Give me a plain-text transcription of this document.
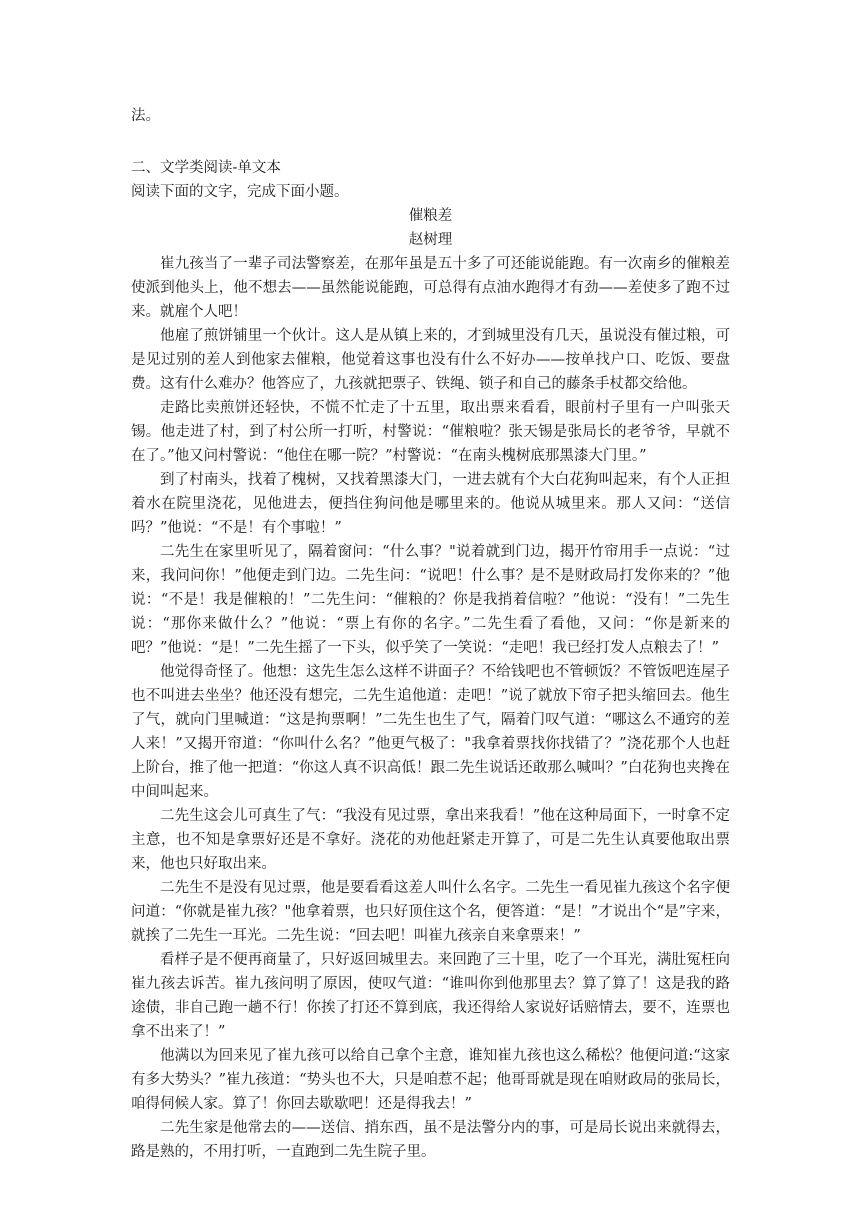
法。

二、文学类阅读-单文本

阅读下面的文字，完成下面小题。

催粮差

赵树理

崔九孩当了一辈子司法警察差，在那年虽是五十多了可还能说能跑。有一次南乡的催粮差使派到他头上，他不想去——虽然能说能跑，可总得有点油水跑得才有劲——差使多了跑不过来。就雇个人吧！

他雇了煎饼铺里一个伙计。这人是从镇上来的，才到城里没有几天，虽说没有催过粮，可是见过别的差人到他家去催粮，他觉着这事也没有什么不好办——按单找户口、吃饭、要盘费。这有什么难办？他答应了，九孩就把票子、铁绳、锁子和自己的藤条手杖都交给他。

走路比卖煎饼还轻快，不慌不忙走了十五里，取出票来看看，眼前村子里有一户叫张天锡。他走进了村，到了村公所一打听，村警说：“催粮啦？张天锡是张局长的老爷爷，早就不在了。”他又问村警说：“他住在哪一院？”村警说：“在南头槐树底那黑漆大门里。”

到了村南头，找着了槐树，又找着黑漆大门，一进去就有个大白花狗叫起来，有个人正担着水在院里浇花，见他进去，便挡住狗问他是哪里来的。他说从城里来。那人又问：“送信吗？”他说：“不是！有个事啦！”

二先生在家里听见了，隔着窗问：“什么事？"说着就到门边，揭开竹帘用手一点说：“过来，我问问你！”他便走到门边。二先生问：“说吧！什么事？是不是财政局打发你来的？”他说：“不是！我是催粮的！”二先生问：“催粮的？你是我捎着信啦？”他说：“没有！”二先生说：“那你来做什么？”他说：“票上有你的名字。”二先生看了看他，又问：“你是新来的吧？”他说：“是！”二先生摇了一下头，似乎笑了一笑说：“走吧！我已经打发人点粮去了！”

他觉得奇怪了。他想：这先生怎么这样不讲面子？不给钱吧也不管顿饭？不管饭吧连屋子也不叫进去坐坐？他还没有想完，二先生追他道：走吧！”说了就放下帘子把头缩回去。他生了气，就向门里喊道：“这是拘票啊！”二先生也生了气，隔着门叹气道：“哪这么不通窍的差人来！”又揭开帘道：“你叫什么名？”他更气极了："我拿着票找你找错了？”浇花那个人也赶上阶台，推了他一把道：“你这人真不识高低！跟二先生说话还敢那么喊叫？”白花狗也夹搀在中间叫起来。

二先生这会儿可真生了气：“我没有见过票，拿出来我看！”他在这种局面下，一时拿不定主意，也不知是拿票好还是不拿好。浇花的劝他赶紧走开算了，可是二先生认真要他取出票来，他也只好取出来。

二先生不是没有见过票，他是要看看这差人叫什么名字。二先生一看见崔九孩这个名字便问道：“你就是崔九孩？"他拿着票，也只好顶住这个名，便答道：“是！”才说出个“是”字来，就挨了二先生一耳光。二先生说：“回去吧！叫崔九孩亲自来拿票来！”

看样子是不便再商量了，只好返回城里去。来回跑了三十里，吃了一个耳光，满肚冤枉向崔九孩去诉苦。崔九孩问明了原因，使叹气道：“谁叫你到他那里去？算了算了！这是我的路途债，非自己跑一趟不行！你挨了打还不算到底，我还得给人家说好话赔情去，要不，连票也拿不出来了！”

他满以为回来见了崔九孩可以给自己拿个主意，谁知崔九孩也这么稀松？他便问道:“这家有多大势头？”崔九孩道：“势头也不大，只是咱惹不起；他哥哥就是现在咱财政局的张局长，咱得伺候人家。算了！你回去歇歇吧！还是得我去！”

二先生家是他常去的——送信、捎东西，虽不是法警分内的事，可是局长说出来就得去，路是熟的，不用打听，一直跑到二先生院子里。
